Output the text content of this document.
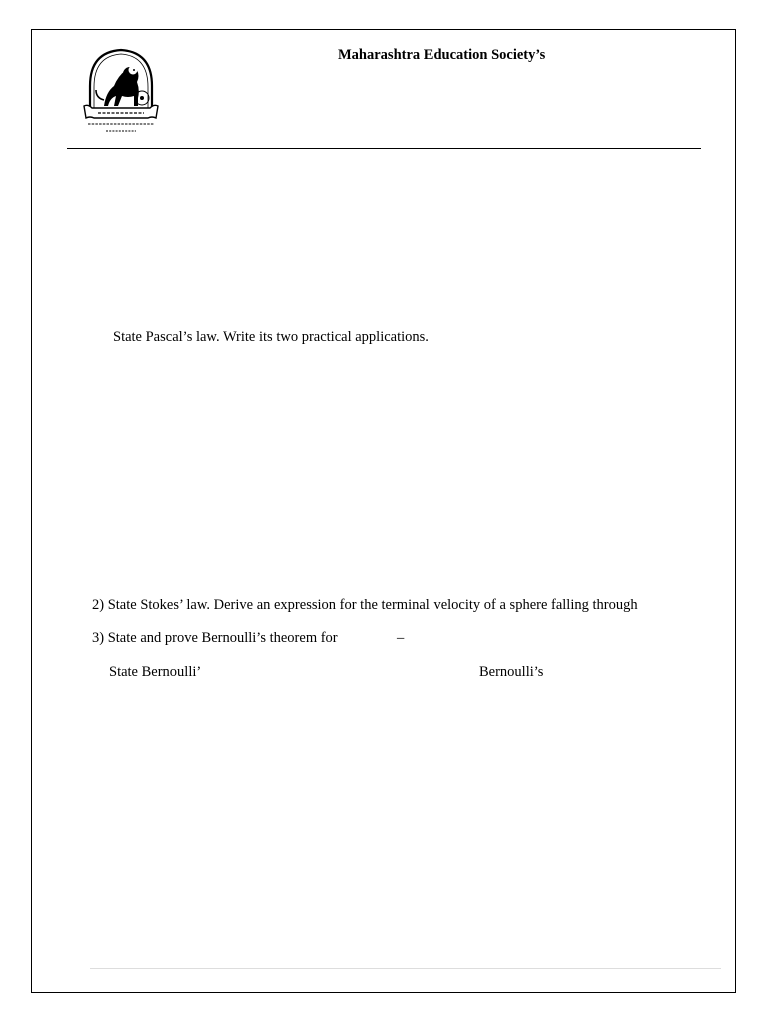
Maharashtra Education Society’s
State Pascal’s law. Write its two practical applications.
2) State Stokes’ law. Derive an expression for the terminal velocity of a sphere falling through
3) State and prove Bernoulli’s theorem for	–
State Bernoulli’	Bernoulli’s
